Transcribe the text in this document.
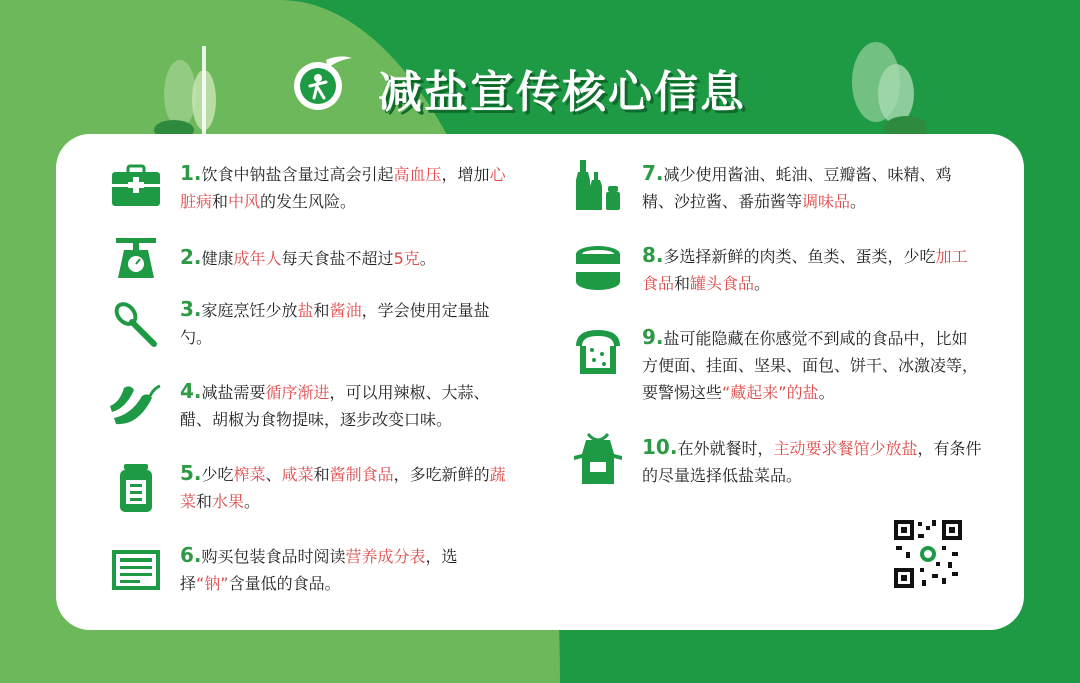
减盐宣传核心信息
1.饮食中钠盐含量过高会引起高血压，增加心脏病和中风的发生风险。
2.健康成年人每天食盐不超过5克。
3.家庭烹饪少放盐和酱油，学会使用定量盐勺。
4.减盐需要循序渐进，可以用辣椒、大蒜、醋、胡椒为食物提味，逐步改变口味。
5.少吃榨菜、咸菜和酱制食品，多吃新鲜的蔬菜和水果。
6.购买包装食品时阅读营养成分表，选择“钠”含量低的食品。
7.减少使用酱油、蚝油、豆瓣酱、味精、鸡精、沙拉酱、番茄酱等调味品。
8.多选择新鲜的肉类、鱼类、蛋类，少吃加工食品和罐头食品。
9.盐可能隐藏在你感觉不到咸的食品中，比如方便面、挂面、坚果、面包、饼干、冰激凌等，要警惕这些“藏起来”的盐。
10.在外就餐时，主动要求餐馆少放盐，有条件的尽量选择低盐菜品。
